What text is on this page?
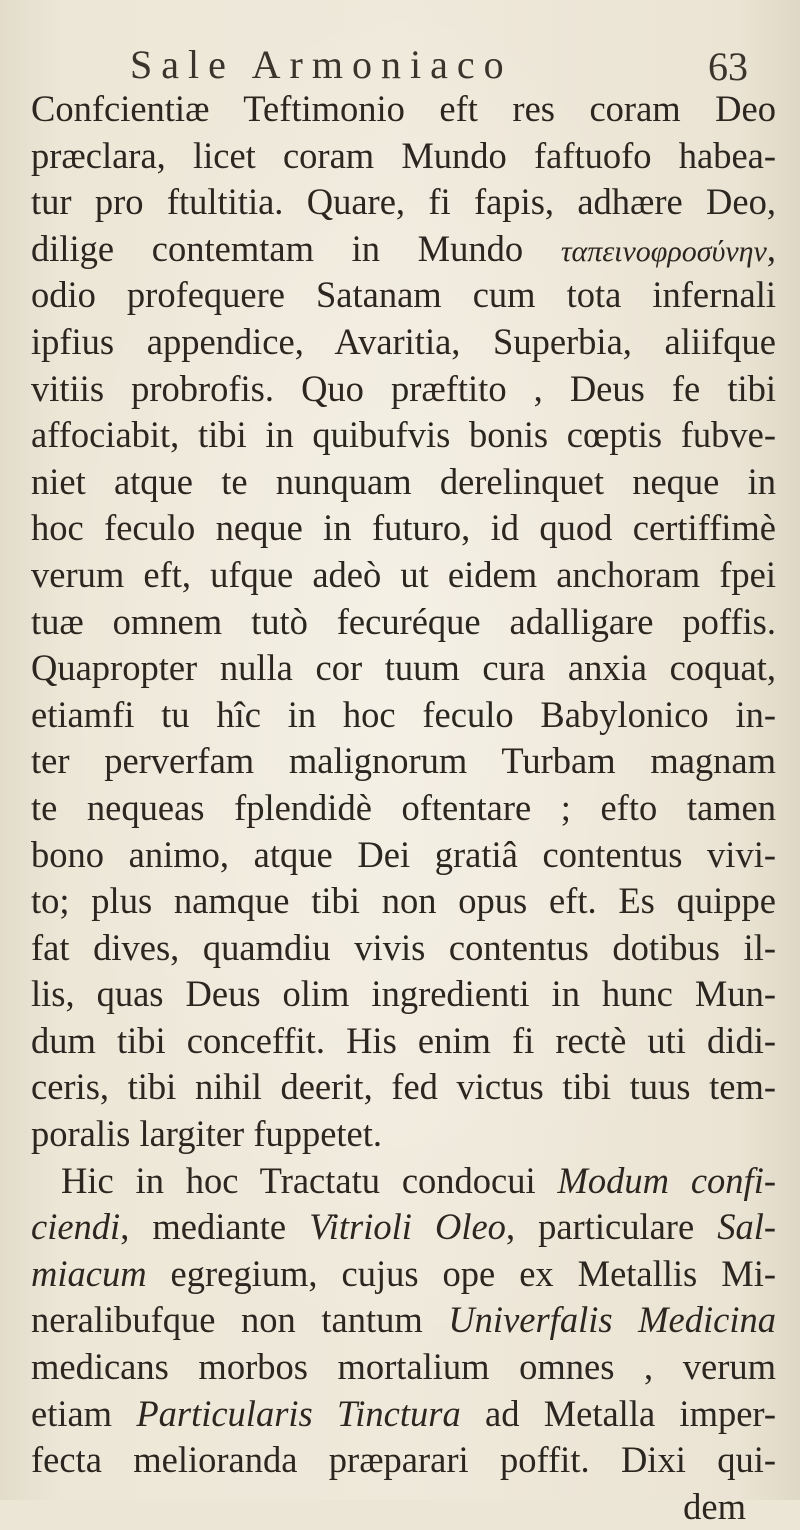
Sale Armoniaco	63
Confcientiæ Teftimonio eft res coram Deo
præclara, licet coram Mundo faftuofo habea-
tur pro ftultitia. Quare, fi fapis, adhære Deo,
dilige contemtam in Mundo ταπεινοφροσύνην,
odio profequere Satanam cum tota infernali
ipfius appendice, Avaritia, Superbia, aliifque
vitiis probrofis. Quo præftito , Deus fe tibi
affociabit, tibi in quibufvis bonis cœptis fubve-
niet atque te nunquam derelinquet neque in
hoc feculo neque in futuro, id quod certiffimè
verum eft, ufque adeò ut eidem anchoram fpei
tuæ omnem tutò fecuréque adalligare poffis.
Quapropter nulla cor tuum cura anxia coquat,
etiamfi tu hîc in hoc feculo Babylonico in-
ter perverfam malignorum Turbam magnam
te nequeas fplendidè oftentare ; efto tamen
bono animo, atque Dei gratiâ contentus vivi-
to; plus namque tibi non opus eft. Es quippe
fat dives, quamdiu vivis contentus dotibus il-
lis, quas Deus olim ingredienti in hunc Mun-
dum tibi conceffit. His enim fi rectè uti didi-
ceris, tibi nihil deerit, fed victus tibi tuus tem-
poralis largiter fuppetet.
Hic in hoc Tractatu condocui Modum confi-
ciendi, mediante Vitrioli Oleo, particulare Sal-
miacum egregium, cujus ope ex Metallis Mi-
neralibufque non tantum Univerfalis Medicina
medicans morbos mortalium omnes , verum
etiam Particularis Tinctura ad Metalla imper-
fecta melioranda præparari poffit. Dixi qui-
dem
